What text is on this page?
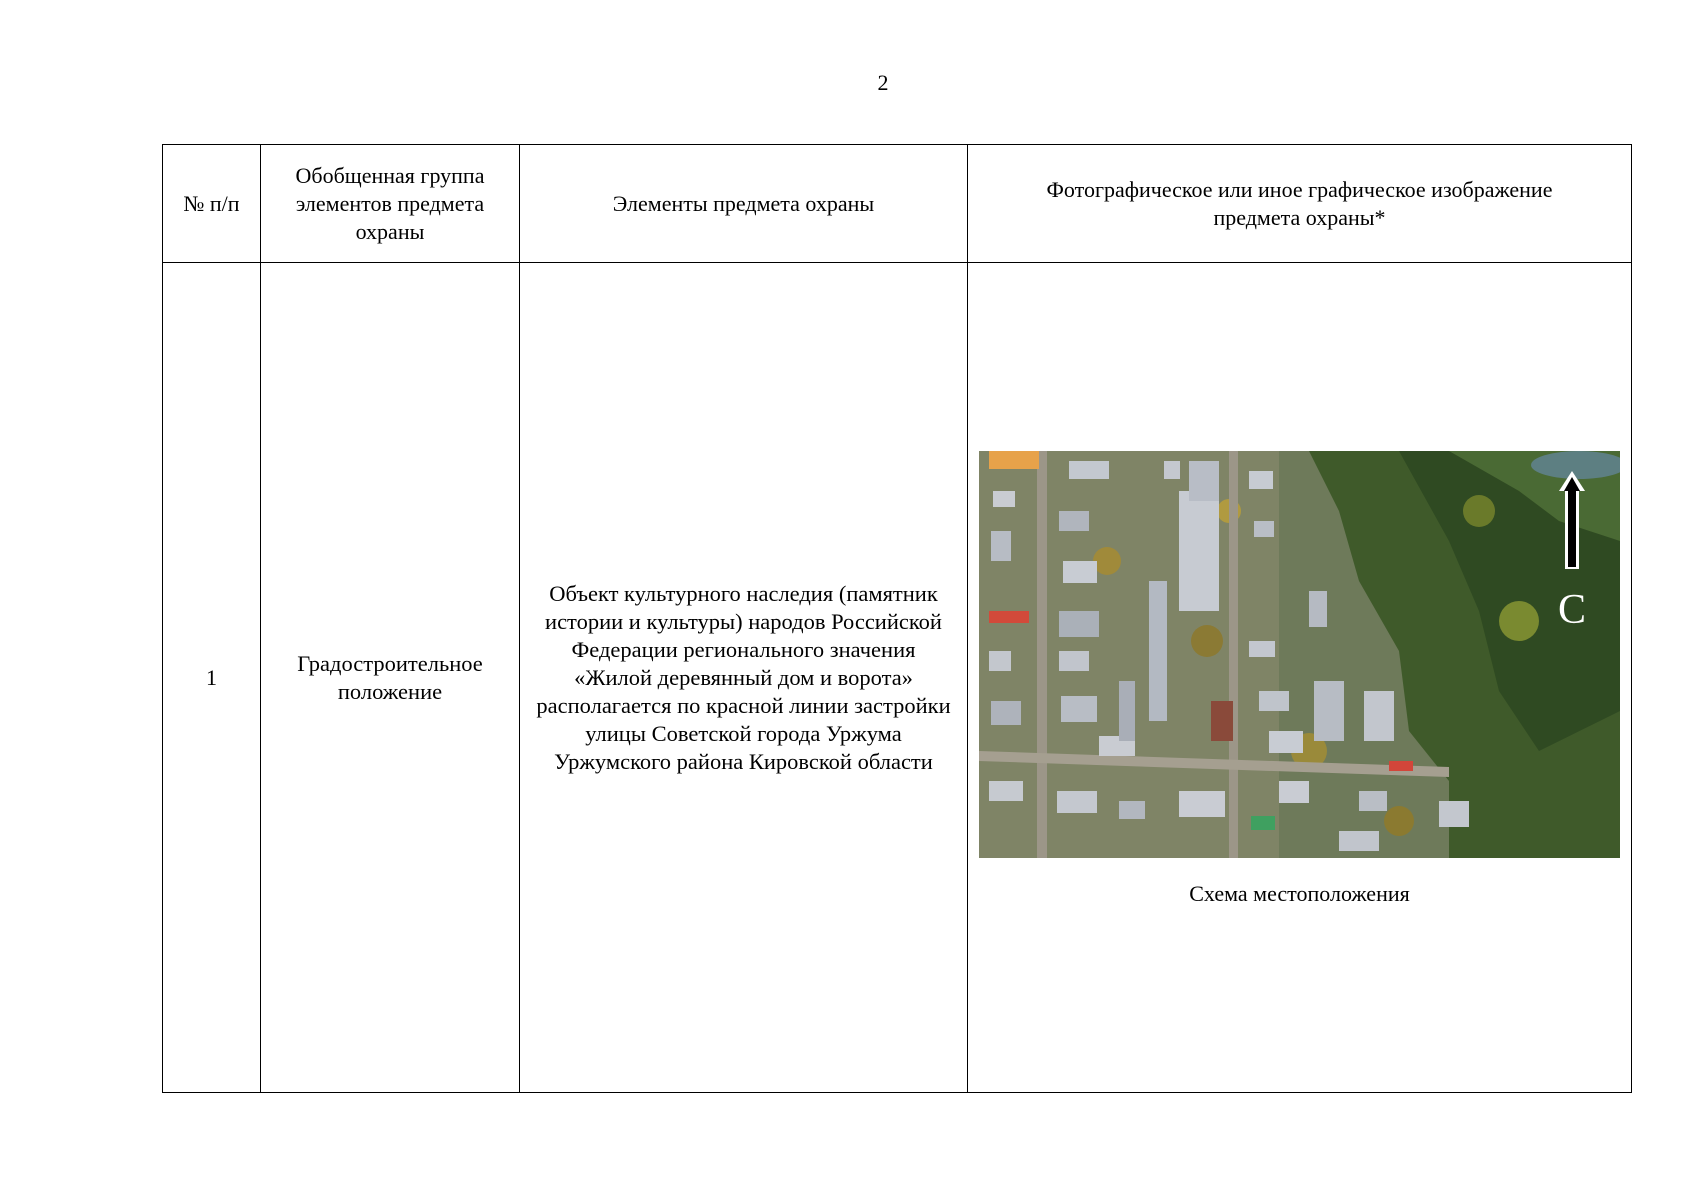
2
№ п/п	Обобщенная группа элементов предмета охраны	Элементы предмета охраны	Фотографическое или иное графическое изображение предмета охраны*
1	Градостроительное положение	Объект культурного наследия (памятник истории и культуры) народов Российской Федерации регионального значения «Жилой деревянный дом и ворота» располагается по красной линии застройки улицы Советской города Уржума Уржумского района Кировской области	С
Схема местоположения
